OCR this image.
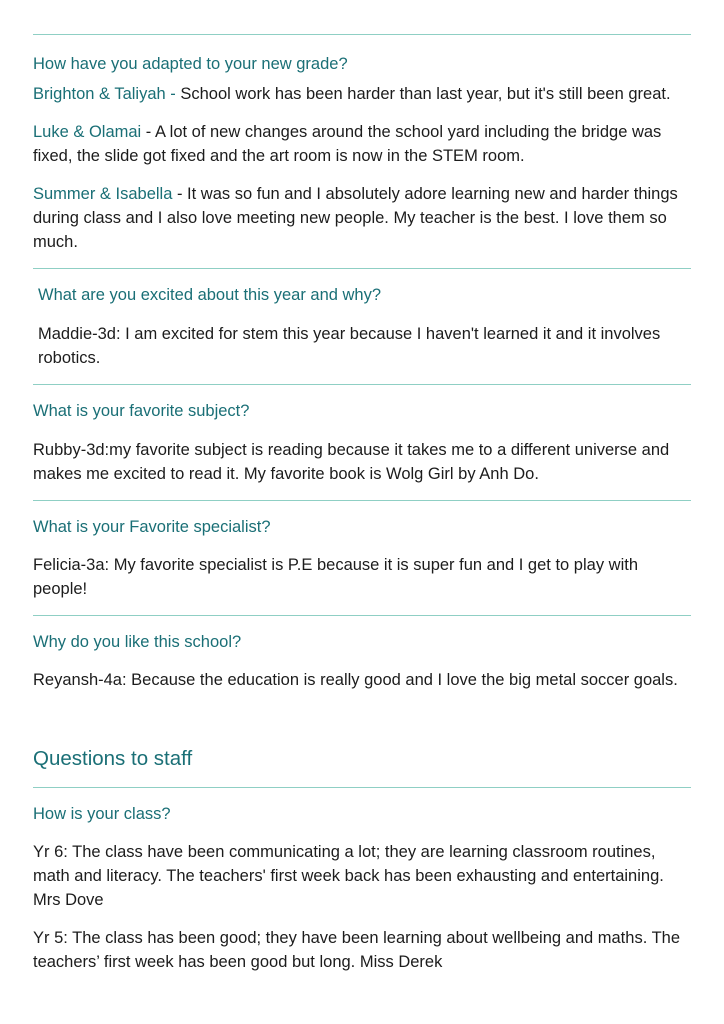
How have you adapted to your new grade?

Brighton & Taliyah - School work has been harder than last year, but it's still been great.

Luke & Olamai - A lot of new changes around the school yard including the bridge was fixed, the slide got fixed and the art room is now in the STEM room.

Summer & Isabella - It was so fun and I absolutely adore learning new and harder things during class and I also love meeting new people. My teacher is the best. I love them so much.

What are you excited about this year and why?

Maddie-3d: I am excited for stem this year because I haven't learned it and it involves robotics.

What is your favorite subject?

Rubby-3d:my favorite subject is reading because it takes me to a different universe and makes me excited to read it. My favorite book is Wolg Girl by Anh Do.

What is your Favorite specialist?

Felicia-3a: My favorite specialist is P.E because it is super fun and I get to play with people!

Why do you like this school?

Reyansh-4a: Because the education is really good and I love the big metal soccer goals.

Questions to staff

How is your class?

Yr 6: The class have been communicating a lot; they are learning classroom routines, math and literacy. The teachers' first week back has been exhausting and entertaining. Mrs Dove

Yr 5: The class has been good; they have been learning about wellbeing and maths. The teachers’ first week has been good but long. Miss Derek
